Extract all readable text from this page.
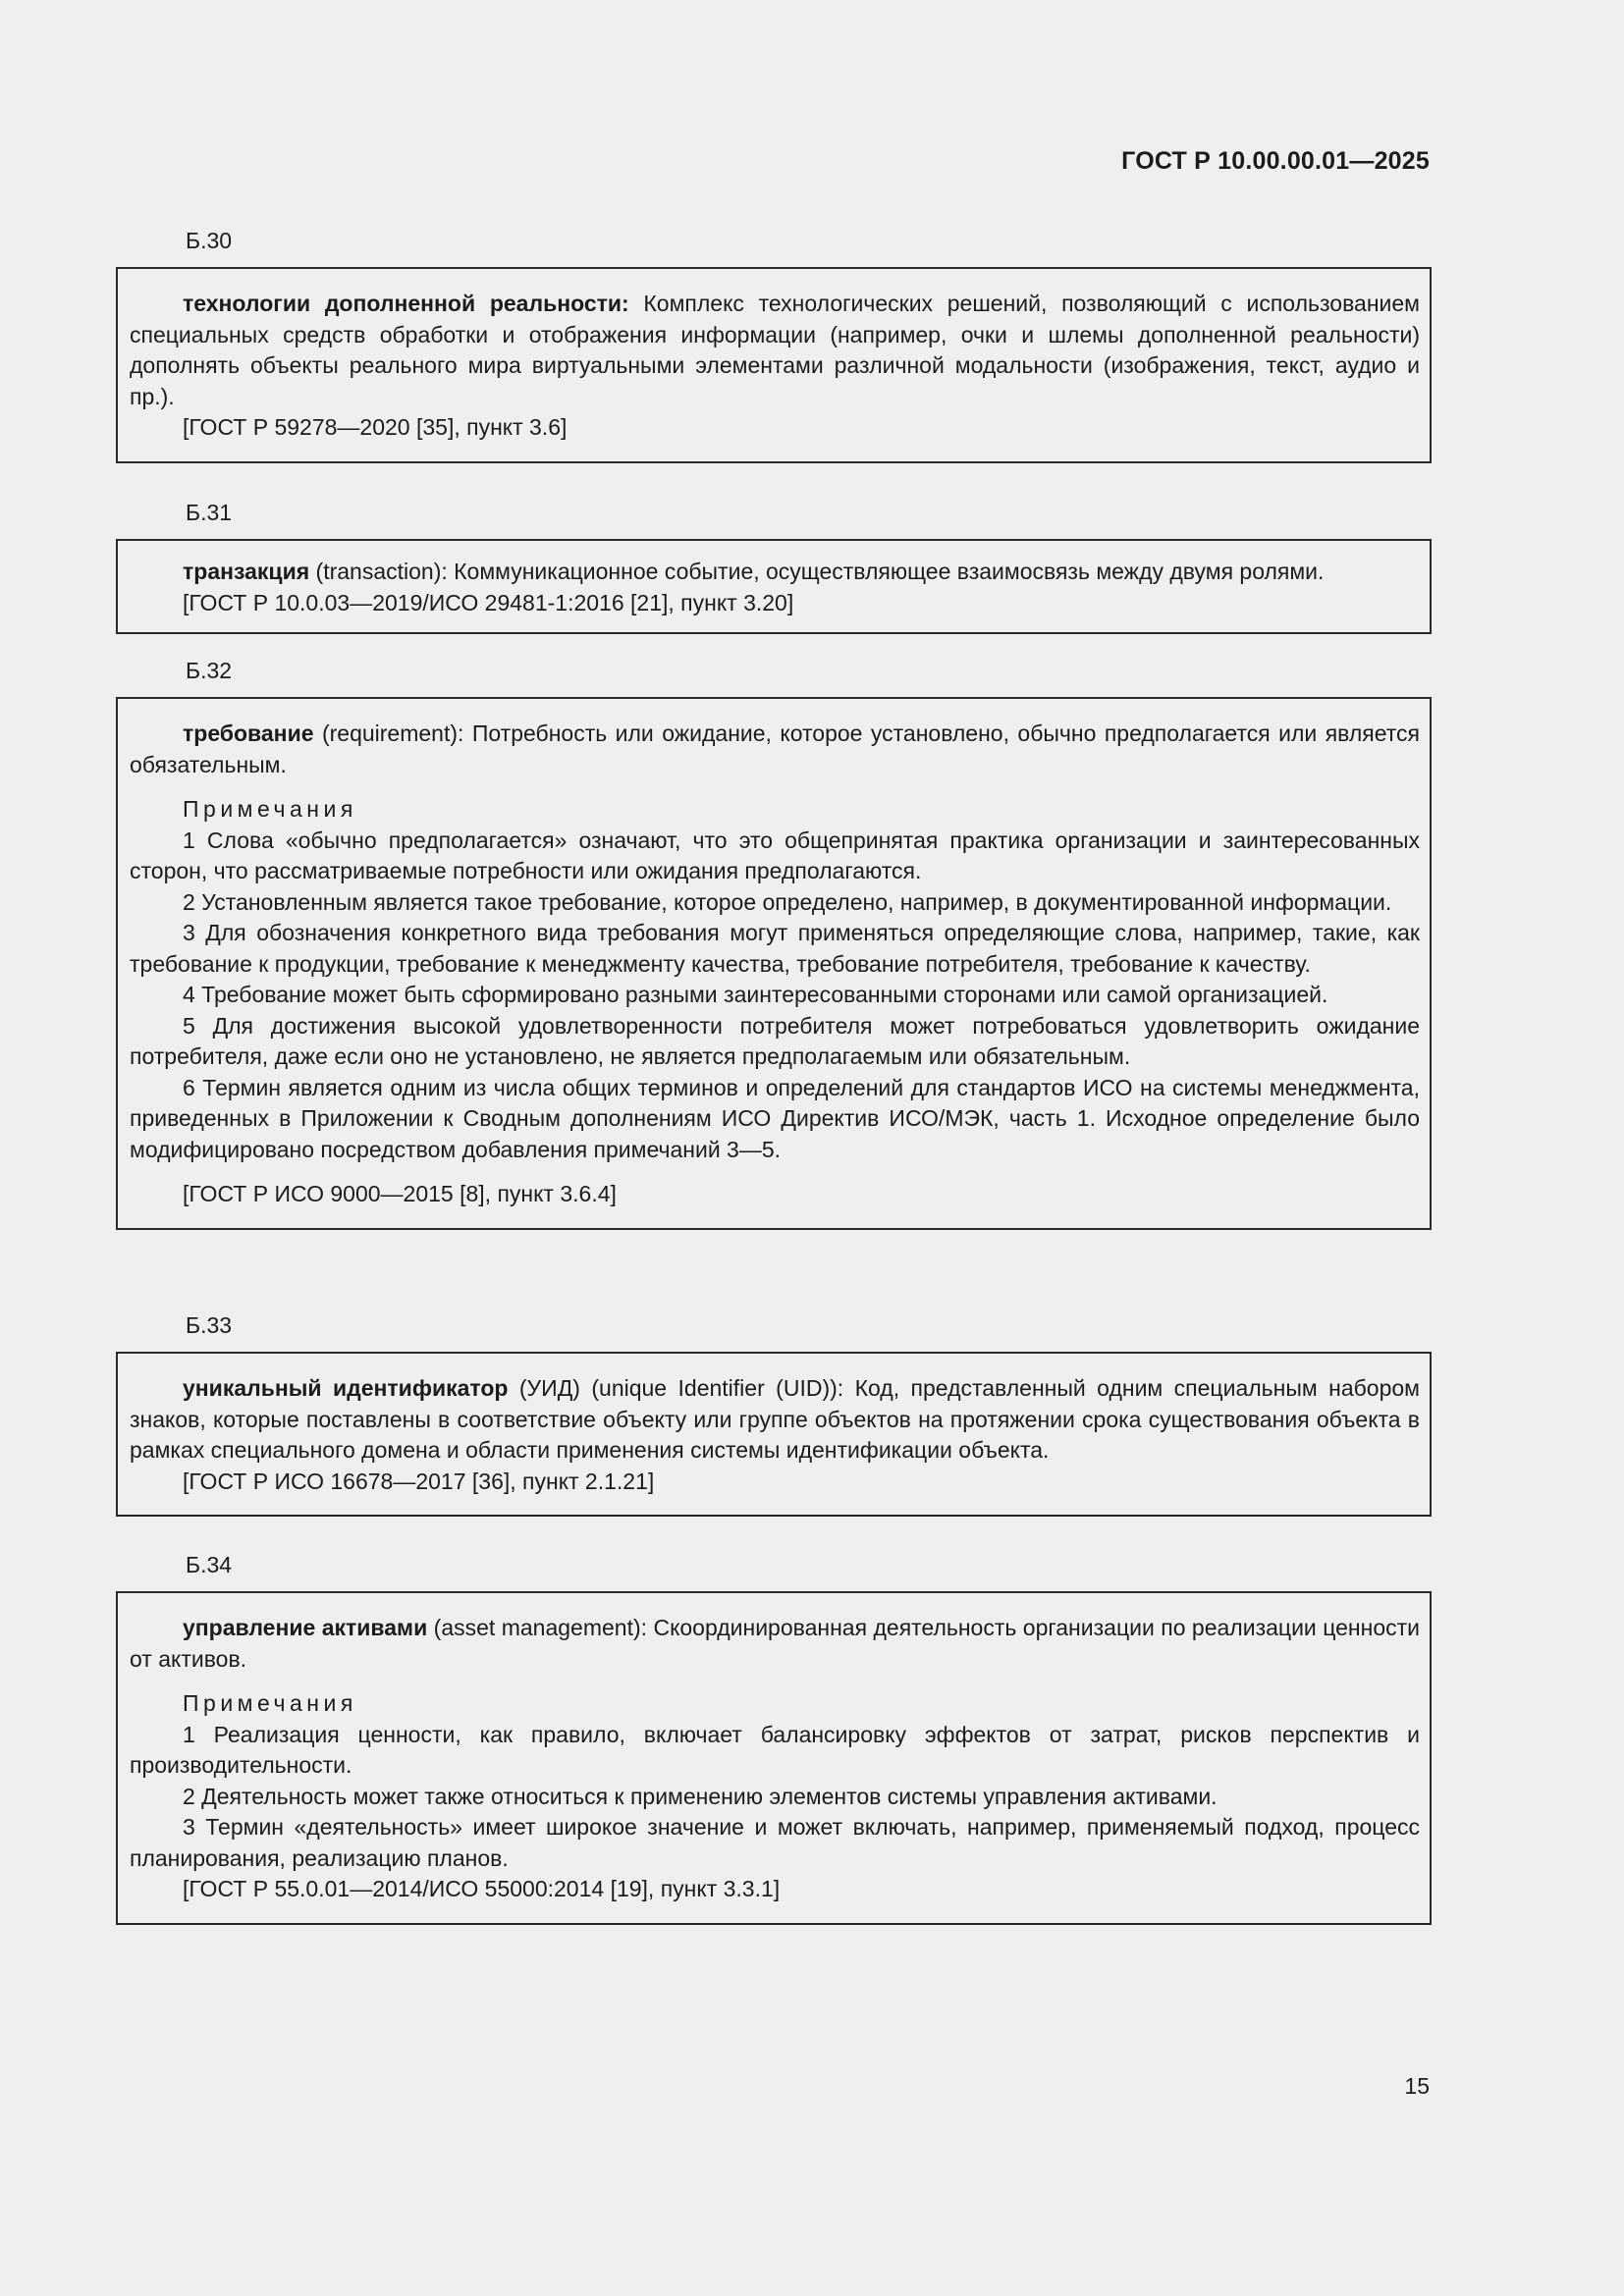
ГОСТ Р 10.00.00.01—2025
Б.30

технологии дополненной реальности: Комплекс технологических решений, позволяющий с использованием специальных средств обработки и отображения информации (например, очки и шлемы дополненной реальности) дополнять объекты реального мира виртуальными элементами различной модальности (изображения, текст, аудио и пр.).

[ГОСТ Р 59278—2020 [35], пункт 3.6]

Б.31

транзакция (transaction): Коммуникационное событие, осуществляющее взаимосвязь между двумя ролями.

[ГОСТ Р 10.0.03—2019/ИСО 29481-1:2016 [21], пункт 3.20]

Б.32

требование (requirement): Потребность или ожидание, которое установлено, обычно предполагается или является обязательным.

Примечания

1 Слова «обычно предполагается» означают, что это общепринятая практика организации и заинтересованных сторон, что рассматриваемые потребности или ожидания предполагаются.

2 Установленным является такое требование, которое определено, например, в документированной информации.

3 Для обозначения конкретного вида требования могут применяться определяющие слова, например, такие, как требование к продукции, требование к менеджменту качества, требование потребителя, требование к качеству.

4 Требование может быть сформировано разными заинтересованными сторонами или самой организацией.

5 Для достижения высокой удовлетворенности потребителя может потребоваться удовлетворить ожидание потребителя, даже если оно не установлено, не является предполагаемым или обязательным.

6 Термин является одним из числа общих терминов и определений для стандартов ИСО на системы менеджмента, приведенных в Приложении к Сводным дополнениям ИСО Директив ИСО/МЭК, часть 1. Исходное определение было модифицировано посредством добавления примечаний 3—5.

[ГОСТ Р ИСО 9000—2015 [8], пункт 3.6.4]

Б.33

уникальный идентификатор (УИД) (unique Identifier (UID)): Код, представленный одним специальным набором знаков, которые поставлены в соответствие объекту или группе объектов на протяжении срока существования объекта в рамках специального домена и области применения системы идентификации объекта.

[ГОСТ Р ИСО 16678—2017 [36], пункт 2.1.21]

Б.34

управление активами (asset management): Скоординированная деятельность организации по реализации ценности от активов.

Примечания

1 Реализация ценности, как правило, включает балансировку эффектов от затрат, рисков перспектив и производительности.

2 Деятельность может также относиться к применению элементов системы управления активами.

3 Термин «деятельность» имеет широкое значение и может включать, например, применяемый подход, процесс планирования, реализацию планов.

[ГОСТ Р 55.0.01—2014/ИСО 55000:2014 [19], пункт 3.3.1]

15
